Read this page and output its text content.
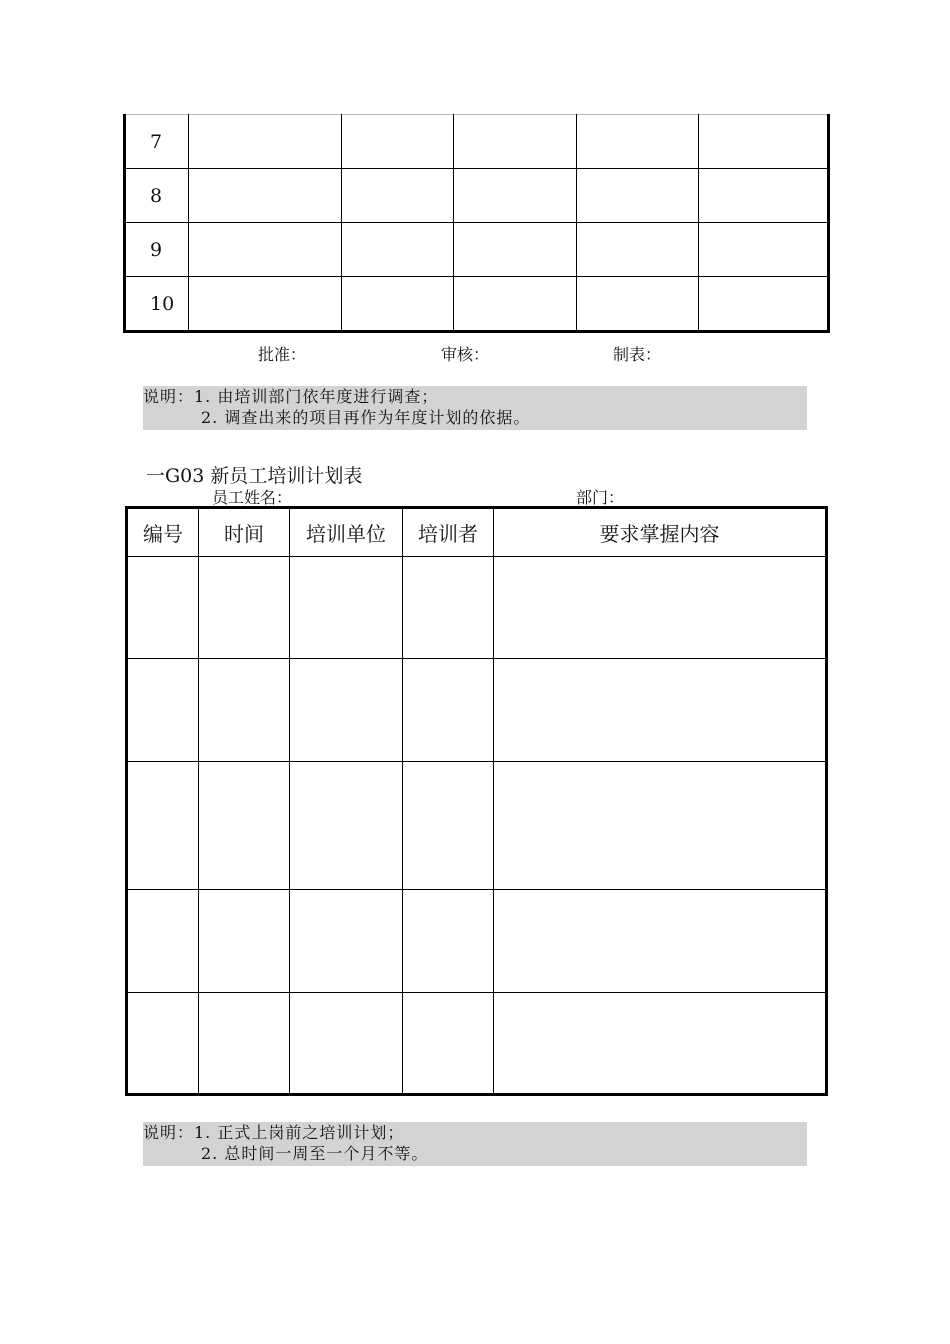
7					
8					
9					
10					
批准：	审核：	制表：
说明：1. 由培训部门依年度进行调查；
2. 调查出来的项目再作为年度计划的依据。
一G03 新员工培训计划表
员工姓名：	部门：
编号	时间	培训单位	培训者	要求掌握内容

说明：1. 正式上岗前之培训计划；
2. 总时间一周至一个月不等。
